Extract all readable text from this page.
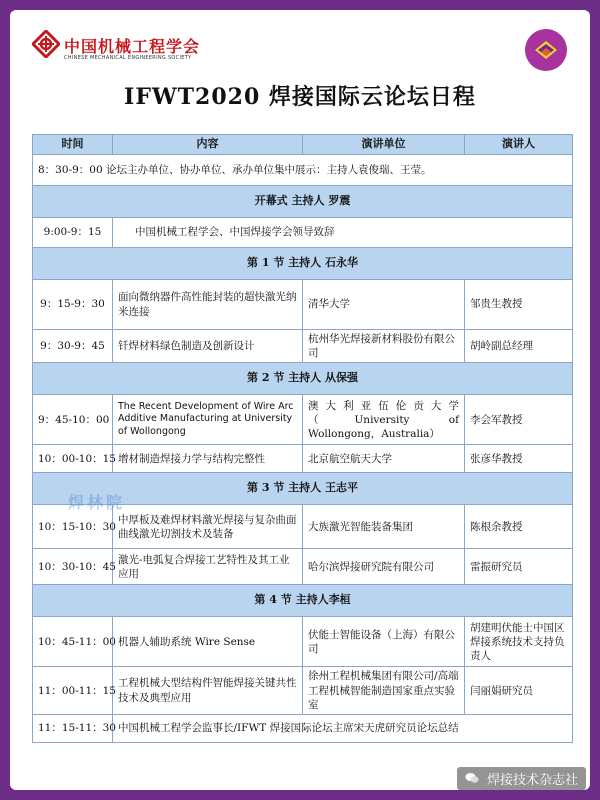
中国机械工程学会
CHINESE MECHANICAL ENGINEERING SOCIETY
IFWT2020 焊接国际云论坛日程
时间	内容	演讲单位	演讲人
8：30-9：00 论坛主办单位、协办单位、承办单位集中展示：主持人袁俊瑞、王莹。			
开幕式 主持人 罗震			
9:00-9：15	中国机械工程学会、中国焊接学会领导致辞		
第 1 节 主持人 石永华			
9：15-9：30	面向微纳器件高性能封装的超快激光纳米连接	清华大学	邹贵生教授
9：30-9：45	钎焊材料绿色制造及创新设计	杭州华光焊接新材料股份有限公司	胡岭副总经理
第 2 节 主持人 从保强			
9：45-10：00	The Recent Development of Wire Arc Additive Manufacturing at University of Wollongong	澳大利亚伍伦贡大学（University of Wollongong，Australia）	李会军教授
10：00-10：15	增材制造焊接力学与结构完整性	北京航空航天大学	张彦华教授
第 3 节 主持人 王志平			
10：15-10：30	中厚板及难焊材料激光焊接与复杂曲面曲线激光切割技术及装备	大族激光智能装备集团	陈根余教授
10：30-10：45	激光-电弧复合焊接工艺特性及其工业应用	哈尔滨焊接研究院有限公司	雷振研究员
第 4 节 主持人李桓			
10：45-11：00	机器人辅助系统 Wire Sense	伏能士智能设备（上海）有限公司	胡建明伏能士中国区焊接系统技术支持负责人
11：00-11：15	工程机械大型结构件智能焊接关键共性技术及典型应用	徐州工程机械集团有限公司/高端工程机械智能制造国家重点实验室	闫丽娟研究员
11：15-11：30	中国机械工程学会监事长/IFWT 焊接国际论坛主席宋天虎研究员论坛总结		
焊林院
焊接技术杂志社
